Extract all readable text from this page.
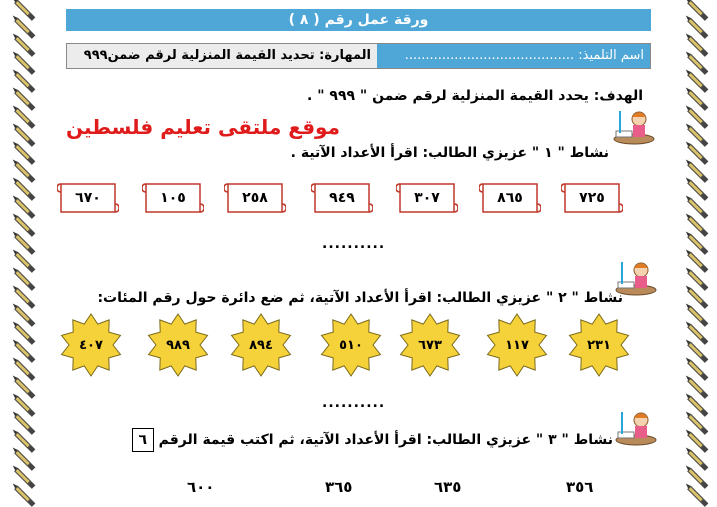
ورقة عمل رقم ( ٨ )
اسم التلميذ: .........................................
المهارة: تحديد القيمة المنزلية لرقم ضمن٩٩٩
الهدف: يحدد القيمة المنزلية لرقم ضمن " ٩٩٩ " .
موقع ملتقى تعليم فلسطين
نشاط " ١ " عزيزي الطالب: اقرأ الأعداد الآتية .
٧٢٥
٨٦٥
٣٠٧
٩٤٩
٢٥٨
١٠٥
٦٧٠
..........
نشاط " ٢ " عزيزي الطالب: اقرأ الأعداد الآتية، ثم ضع دائرة حول رقم المئات:
٢٣١
١١٧
٦٧٣
٥١٠
٨٩٤
٩٨٩
٤٠٧
..........
نشاط " ٣ " عزيزي الطالب: اقرأ الأعداد الآتية، ثم اكتب قيمة الرقم ٦
٣٥٦
٦٣٥
٣٦٥
٦٠٠
